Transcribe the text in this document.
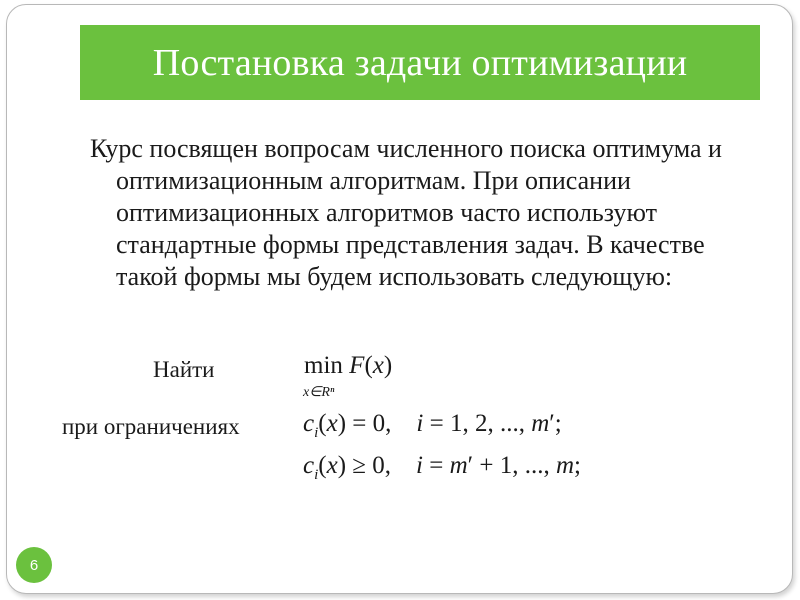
Постановка задачи оптимизации
Курс посвящен вопросам численного поиска оптимума и оптимизационным алгоритмам. При описании оптимизационных алгоритмов часто используют стандартные формы представления задач. В качестве такой формы мы будем использовать следующую:
Найти	min F(x)
x∈Rⁿ
при ограничениях	$c_i(x) = 0$,    i = 1, 2, ..., m′;
$c_i(x) \ge 0$,    i = m′ + 1, ..., m;
6
